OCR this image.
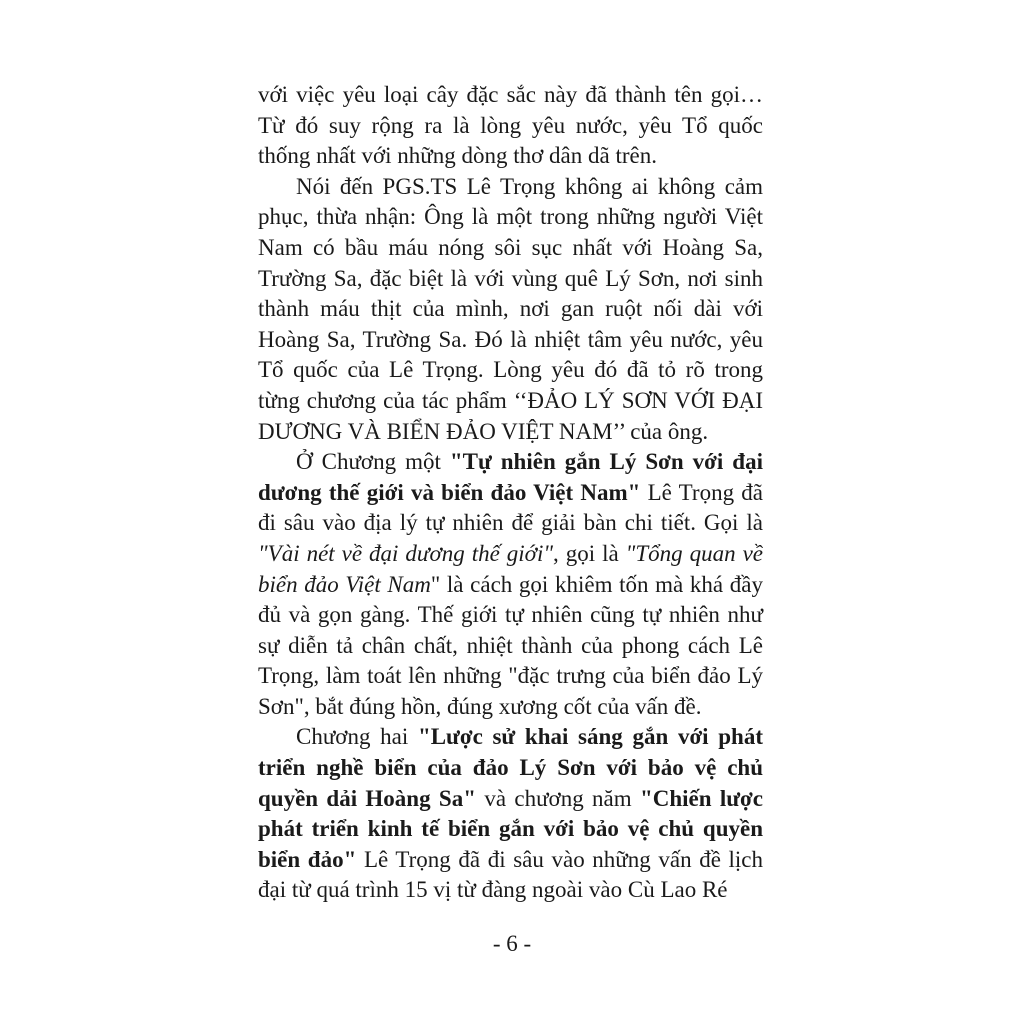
với việc yêu loại cây đặc sắc này đã thành tên gọi… Từ đó suy rộng ra là lòng yêu nước, yêu Tổ quốc thống nhất với những dòng thơ dân dã trên.

Nói đến PGS.TS Lê Trọng không ai không cảm phục, thừa nhận: Ông là một trong những người Việt Nam có bầu máu nóng sôi sục nhất với Hoàng Sa, Trường Sa, đặc biệt là với vùng quê Lý Sơn, nơi sinh thành máu thịt của mình, nơi gan ruột nối dài với Hoàng Sa, Trường Sa. Đó là nhiệt tâm yêu nước, yêu Tổ quốc của Lê Trọng. Lòng yêu đó đã tỏ rõ trong từng chương của tác phẩm ‘‘ĐẢO LÝ SƠN VỚI ĐẠI DƯƠNG VÀ BIỂN ĐẢO VIỆT NAM’’ của ông.

Ở Chương một "Tự nhiên gắn Lý Sơn với đại dương thế giới và biển đảo Việt Nam" Lê Trọng đã đi sâu vào địa lý tự nhiên để giải bàn chi tiết. Gọi là "Vài nét về đại dương thế giới", gọi là "Tổng quan về biển đảo Việt Nam" là cách gọi khiêm tốn mà khá đầy đủ và gọn gàng. Thế giới tự nhiên cũng tự nhiên như sự diễn tả chân chất, nhiệt thành của phong cách Lê Trọng, làm toát lên những "đặc trưng của biển đảo Lý Sơn", bắt đúng hồn, đúng xương cốt của vấn đề.

Chương hai "Lược sử khai sáng gắn với phát triển nghề biển của đảo Lý Sơn với bảo vệ chủ quyền dải Hoàng Sa" và chương năm "Chiến lược phát triển kinh tế biển gắn với bảo vệ chủ quyền biển đảo" Lê Trọng đã đi sâu vào những vấn đề lịch đại từ quá trình 15 vị từ đàng ngoài vào Cù Lao Ré

- 6 -
